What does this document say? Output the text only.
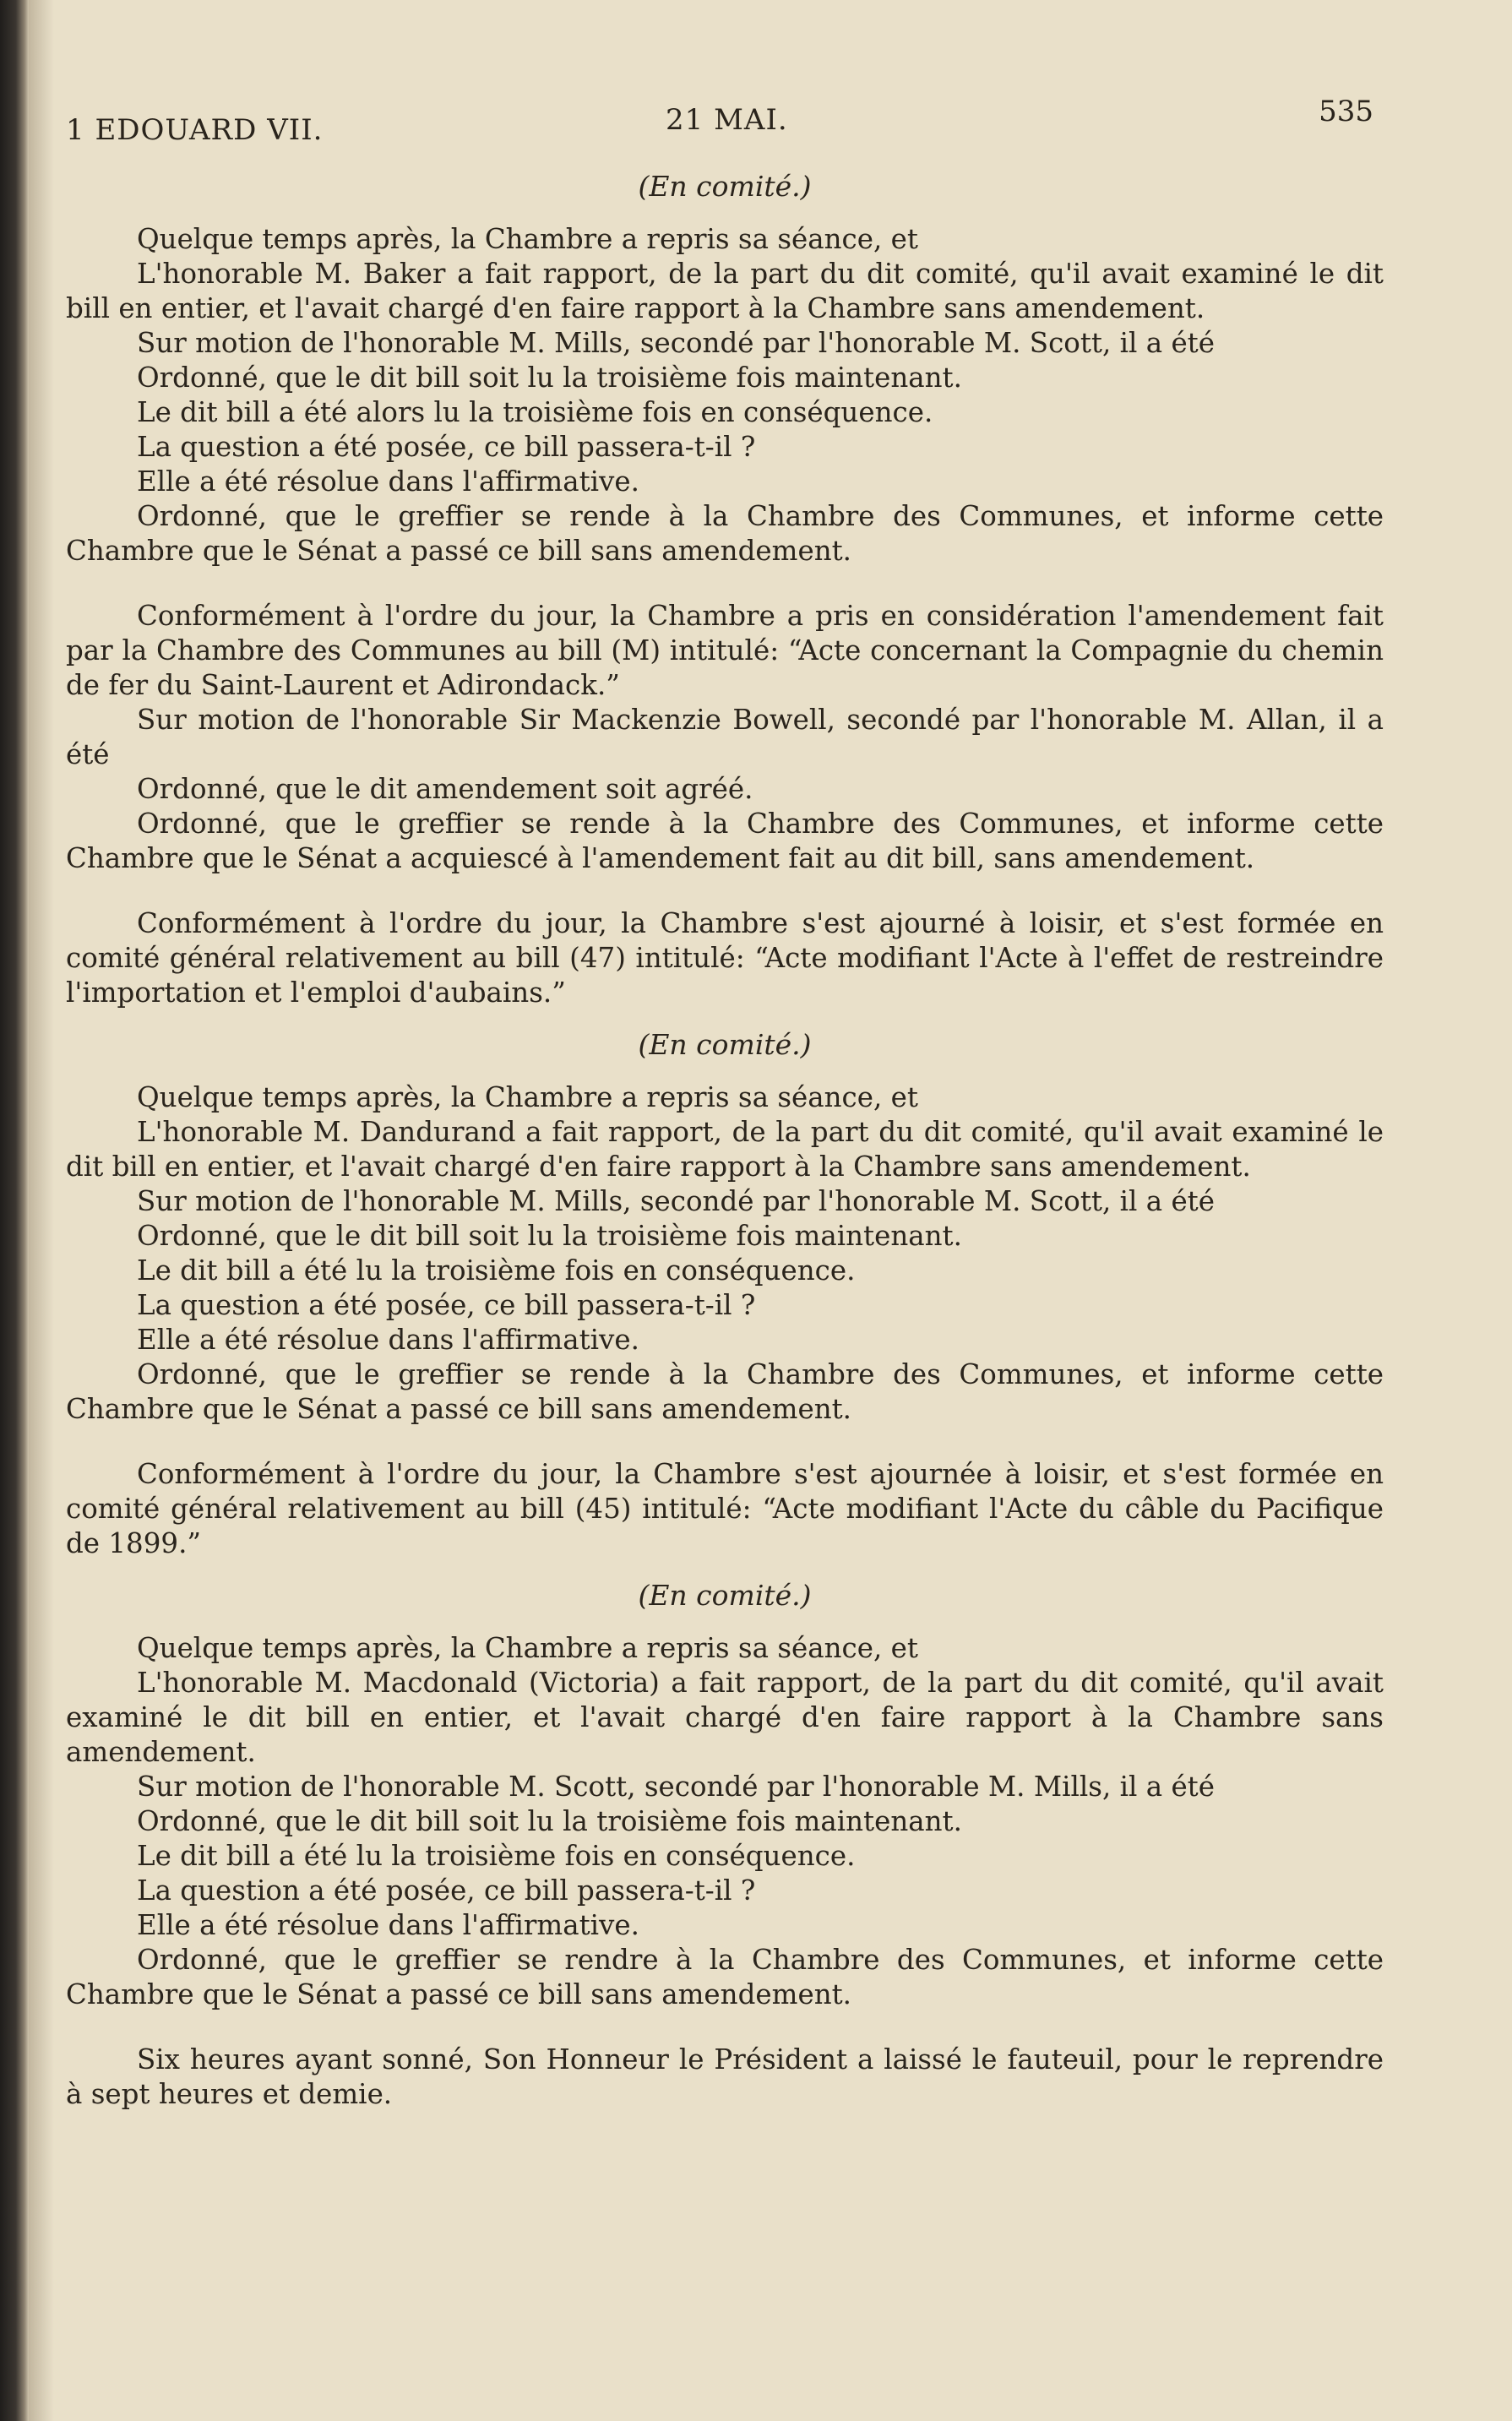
1 EDOUARD VII.	21 MAI.	535
(En comité.)

Quelque temps après, la Chambre a repris sa séance, et

L'honorable M. Baker a fait rapport, de la part du dit comité, qu'il avait examiné le dit bill en entier, et l'avait chargé d'en faire rapport à la Chambre sans amendement.

Sur motion de l'honorable M. Mills, secondé par l'honorable M. Scott, il a été

Ordonné, que le dit bill soit lu la troisième fois maintenant.

Le dit bill a été alors lu la troisième fois en conséquence.

La question a été posée, ce bill passera-t-il ?

Elle a été résolue dans l'affirmative.

Ordonné, que le greffier se rende à la Chambre des Communes, et informe cette Chambre que le Sénat a passé ce bill sans amendement.

Conformément à l'ordre du jour, la Chambre a pris en considération l'amendement fait par la Chambre des Communes au bill (M) intitulé: “Acte concernant la Compagnie du chemin de fer du Saint-Laurent et Adirondack.”

Sur motion de l'honorable Sir Mackenzie Bowell, secondé par l'honorable M. Allan, il a été

Ordonné, que le dit amendement soit agréé.

Ordonné, que le greffier se rende à la Chambre des Communes, et informe cette Chambre que le Sénat a acquiescé à l'amendement fait au dit bill, sans amendement.

Conformément à l'ordre du jour, la Chambre s'est ajourné à loisir, et s'est formée en comité général relativement au bill (47) intitulé: “Acte modifiant l'Acte à l'effet de restreindre l'importation et l'emploi d'aubains.”

(En comité.)

Quelque temps après, la Chambre a repris sa séance, et

L'honorable M. Dandurand a fait rapport, de la part du dit comité, qu'il avait examiné le dit bill en entier, et l'avait chargé d'en faire rapport à la Chambre sans amendement.

Sur motion de l'honorable M. Mills, secondé par l'honorable M. Scott, il a été

Ordonné, que le dit bill soit lu la troisième fois maintenant.

Le dit bill a été lu la troisième fois en conséquence.

La question a été posée, ce bill passera-t-il ?

Elle a été résolue dans l'affirmative.

Ordonné, que le greffier se rende à la Chambre des Communes, et informe cette Chambre que le Sénat a passé ce bill sans amendement.

Conformément à l'ordre du jour, la Chambre s'est ajournée à loisir, et s'est formée en comité général relativement au bill (45) intitulé: “Acte modifiant l'Acte du câble du Pacifique de 1899.”

(En comité.)

Quelque temps après, la Chambre a repris sa séance, et

L'honorable M. Macdonald (Victoria) a fait rapport, de la part du dit comité, qu'il avait examiné le dit bill en entier, et l'avait chargé d'en faire rapport à la Chambre sans amendement.

Sur motion de l'honorable M. Scott, secondé par l'honorable M. Mills, il a été

Ordonné, que le dit bill soit lu la troisième fois maintenant.

Le dit bill a été lu la troisième fois en conséquence.

La question a été posée, ce bill passera-t-il ?

Elle a été résolue dans l'affirmative.

Ordonné, que le greffier se rendre à la Chambre des Communes, et informe cette Chambre que le Sénat a passé ce bill sans amendement.

Six heures ayant sonné, Son Honneur le Président a laissé le fauteuil, pour le reprendre à sept heures et demie.
